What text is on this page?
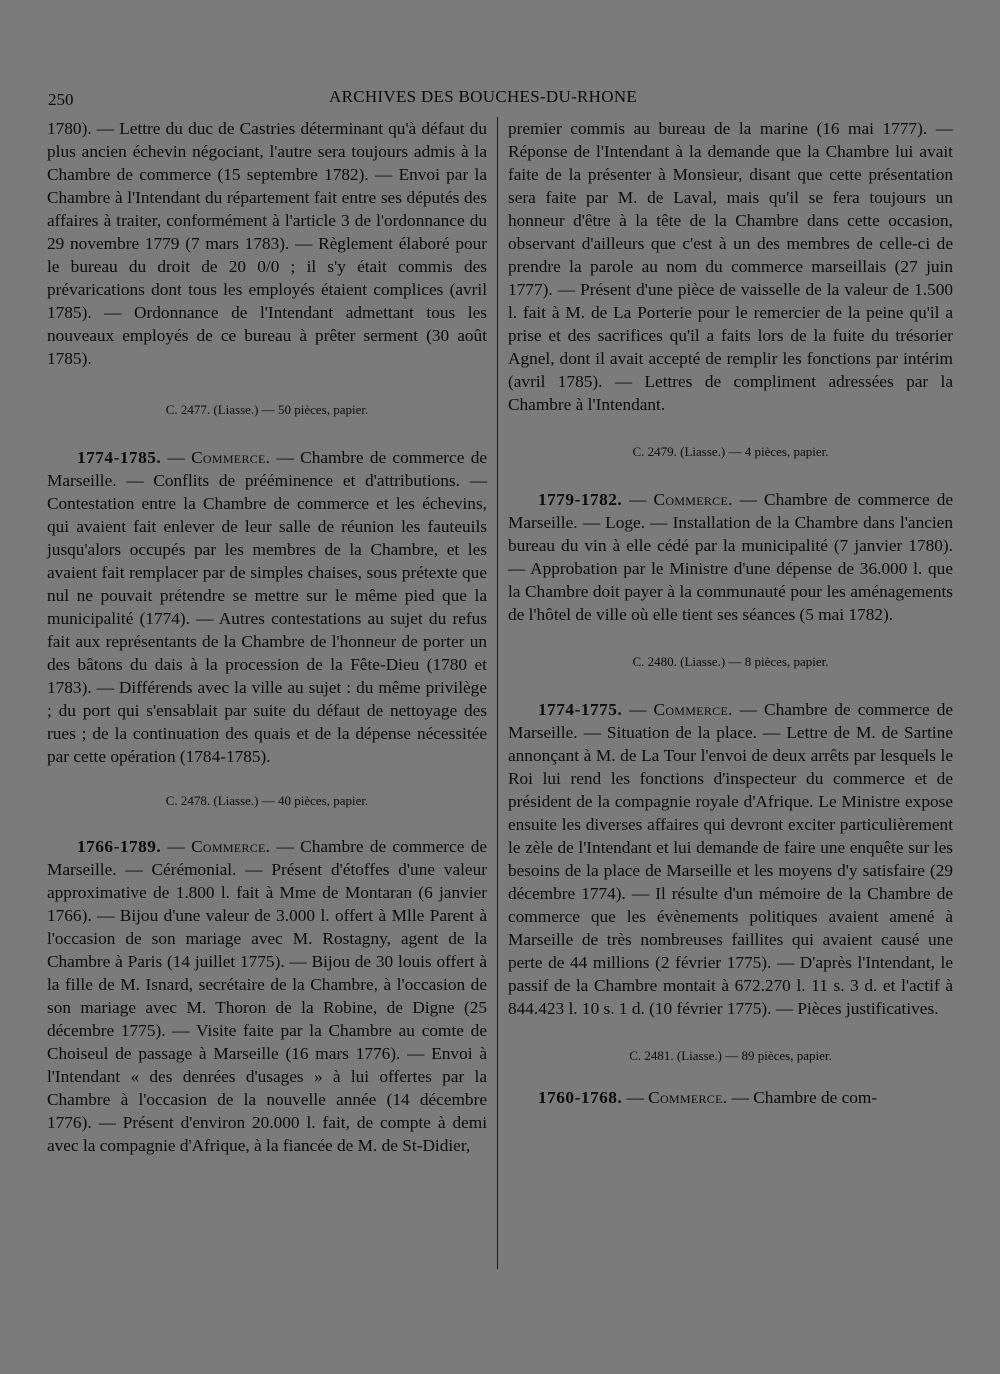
250	ARCHIVES DES BOUCHES-DU-RHONE

1780). — Lettre du duc de Castries déterminant qu'à défaut du plus ancien échevin négociant, l'autre sera toujours admis à la Chambre de commerce (15 septembre 1782). — Envoi par la Chambre à l'Intendant du répartement fait entre ses députés des affaires à traiter, conformément à l'article 3 de l'ordonnance du 29 novembre 1779 (7 mars 1783). — Règlement élaboré pour le bureau du droit de 20 0/0 ; il s'y était commis des prévarications dont tous les employés étaient complices (avril 1785). — Ordonnance de l'Intendant admettant tous les nouveaux employés de ce bureau à prêter serment (30 août 1785).

C. 2477. (Liasse.) — 50 pièces, papier.

1774-1785. — Commerce. — Chambre de commerce de Marseille. — Conflits de prééminence et d'attributions. — Contestation entre la Chambre de commerce et les échevins, qui avaient fait enlever de leur salle de réunion les fauteuils jusqu'alors occupés par les membres de la Chambre, et les avaient fait remplacer par de simples chaises, sous prétexte que nul ne pouvait prétendre se mettre sur le même pied que la municipalité (1774). — Autres contestations au sujet du refus fait aux représentants de la Chambre de l'honneur de porter un des bâtons du dais à la procession de la Fête-Dieu (1780 et 1783). — Différends avec la ville au sujet : du même privilège ; du port qui s'ensablait par suite du défaut de nettoyage des rues ; de la continuation des quais et de la dépense nécessitée par cette opération (1784-1785).

C. 2478. (Liasse.) — 40 pièces, papier.

1766-1789. — Commerce. — Chambre de commerce de Marseille. — Cérémonial. — Présent d'étoffes d'une valeur approximative de 1.800 l. fait à Mme de Montaran (6 janvier 1766). — Bijou d'une valeur de 3.000 l. offert à Mlle Parent à l'occasion de son mariage avec M. Rostagny, agent de la Chambre à Paris (14 juillet 1775). — Bijou de 30 louis offert à la fille de M. Isnard, secrétaire de la Chambre, à l'occasion de son mariage avec M. Thoron de la Robine, de Digne (25 décembre 1775). — Visite faite par la Chambre au comte de Choiseul de passage à Marseille (16 mars 1776). — Envoi à l'Intendant « des denrées d'usages » à lui offertes par la Chambre à l'occasion de la nouvelle année (14 décembre 1776). — Présent d'environ 20.000 l. fait, de compte à demi avec la compagnie d'Afrique, à la fiancée de M. de St-Didier,

premier commis au bureau de la marine (16 mai 1777). — Réponse de l'Intendant à la demande que la Chambre lui avait faite de la présenter à Monsieur, disant que cette présentation sera faite par M. de Laval, mais qu'il se fera toujours un honneur d'être à la tête de la Chambre dans cette occasion, observant d'ailleurs que c'est à un des membres de celle-ci de prendre la parole au nom du commerce marseillais (27 juin 1777). — Présent d'une pièce de vaisselle de la valeur de 1.500 l. fait à M. de La Porterie pour le remercier de la peine qu'il a prise et des sacrifices qu'il a faits lors de la fuite du trésorier Agnel, dont il avait accepté de remplir les fonctions par intérim (avril 1785). — Lettres de compliment adressées par la Chambre à l'Intendant.

C. 2479. (Liasse.) — 4 pièces, papier.

1779-1782. — Commerce. — Chambre de commerce de Marseille. — Loge. — Installation de la Chambre dans l'ancien bureau du vin à elle cédé par la municipalité (7 janvier 1780). — Approbation par le Ministre d'une dépense de 36.000 l. que la Chambre doit payer à la communauté pour les aménagements de l'hôtel de ville où elle tient ses séances (5 mai 1782).

C. 2480. (Liasse.) — 8 pièces, papier.

1774-1775. — Commerce. — Chambre de commerce de Marseille. — Situation de la place. — Lettre de M. de Sartine annonçant à M. de La Tour l'envoi de deux arrêts par lesquels le Roi lui rend les fonctions d'inspecteur du commerce et de président de la compagnie royale d'Afrique. Le Ministre expose ensuite les diverses affaires qui devront exciter particulièrement le zèle de l'Intendant et lui demande de faire une enquête sur les besoins de la place de Marseille et les moyens d'y satisfaire (29 décembre 1774). — Il résulte d'un mémoire de la Chambre de commerce que les évènements politiques avaient amené à Marseille de très nombreuses faillites qui avaient causé une perte de 44 millions (2 février 1775). — D'après l'Intendant, le passif de la Chambre montait à 672.270 l. 11 s. 3 d. et l'actif à 844.423 l. 10 s. 1 d. (10 février 1775). — Pièces justificatives.

C. 2481. (Liasse.) — 89 pièces, papier.

1760-1768. — Commerce. — Chambre de com-
